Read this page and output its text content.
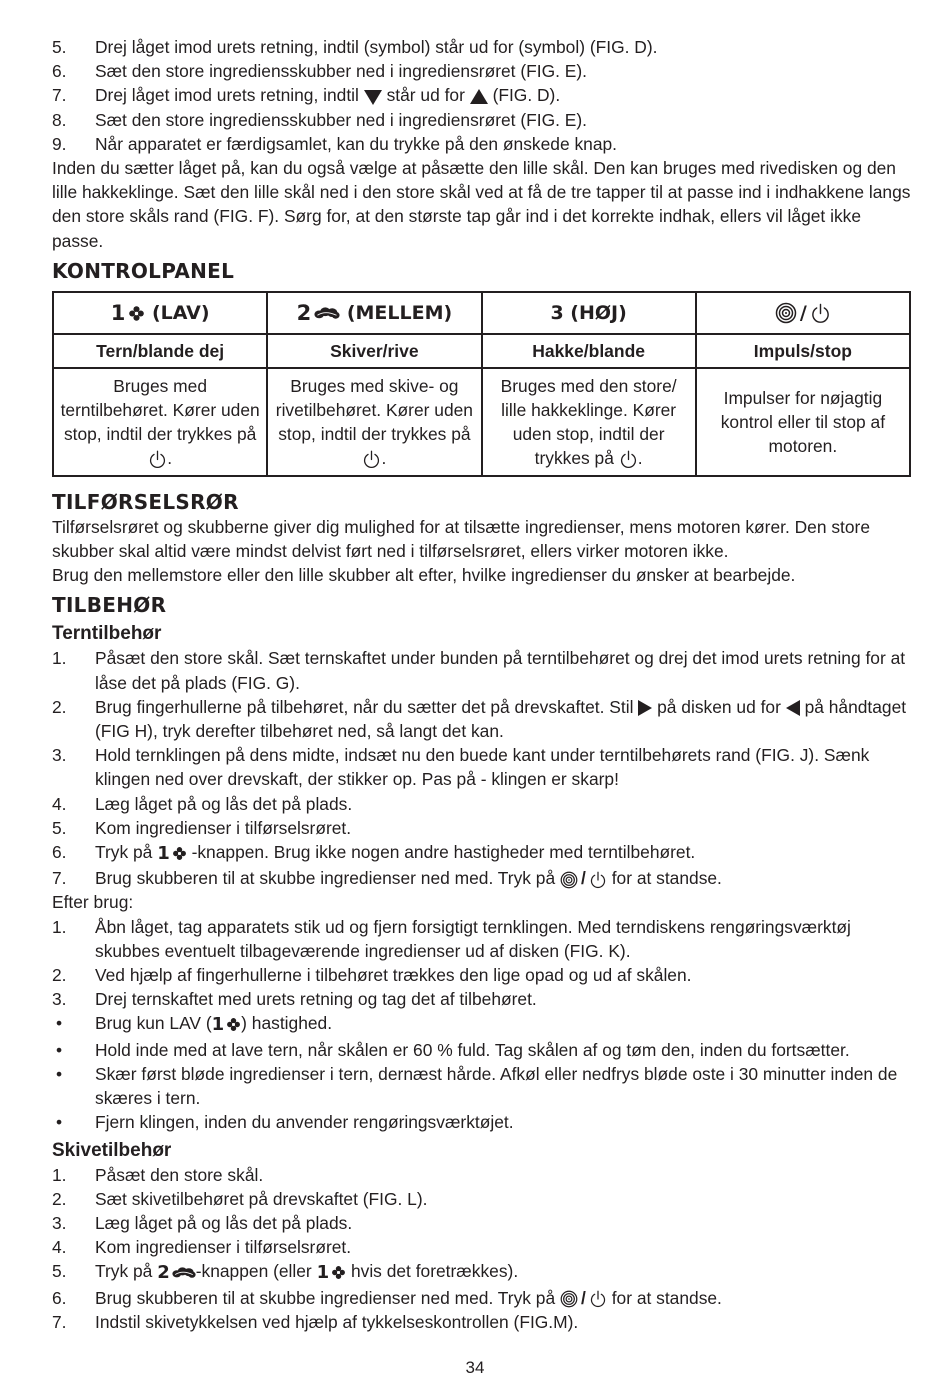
5.	Drej låget imod urets retning, indtil (symbol) står ud for (symbol) (FIG. D).
6.	Sæt den store ingrediensskubber ned i ingrediensrøret (FIG. E).
7.	Drej låget imod urets retning, indtil står ud for (FIG. D).
8.	Sæt den store ingrediensskubber ned i ingrediensrøret (FIG. E).
9.	Når apparatet er færdigsamlet, kan du trykke på den ønskede knap.

Inden du sætter låget på, kan du også vælge at påsætte den lille skål. Den kan bruges med rivedisken og den lille hakkeklinge. Sæt den lille skål ned i den store skål ved at få de tre tapper til at passe ind i indhakkene langs den store skåls rand (FIG. F). Sørg for, at den største tap går ind i det korrekte indhak, ellers vil låget ikke passe.

KONTROLPANEL
1 (LAV)	2 (MELLEM)	3 (HØJ)	/
Tern/blande dej	Skiver/rive	Hakke/blande	Impuls/stop
Bruges med terntilbehøret. Kører uden stop, indtil der trykkes på .	Bruges med skive- og rivetilbehøret. Kører uden stop, indtil der trykkes på .	Bruges med den store/ lille hakkeklinge. Kører uden stop, indtil der trykkes på .	Impulser for nøjagtig kontrol eller til stop af motoren.
TILFØRSELSRØR

Tilførselsrøret og skubberne giver dig mulighed for at tilsætte ingredienser, mens motoren kører. Den store skubber skal altid være mindst delvist ført ned i tilførselsrøret, ellers virker motoren ikke.

Brug den mellemstore eller den lille skubber alt efter, hvilke ingredienser du ønsker at bearbejde.

TILBEHØR
Terntilbehør
1.	Påsæt den store skål. Sæt ternskaftet under bunden på terntilbehøret og drej det imod urets retning for at låse det på plads (FIG. G).
2.	Brug fingerhullerne på tilbehøret, når du sætter det på drevskaftet. Stil på disken ud for på håndtaget (FIG H), tryk derefter tilbehøret ned, så langt det kan.
3.	Hold ternklingen på dens midte, indsæt nu den buede kant under terntilbehørets rand (FIG. J). Sænk klingen ned over drevskaft, der stikker op. Pas på - klingen er skarp!
4.	Læg låget på og lås det på plads.
5.	Kom ingredienser i tilførselsrøret.
6.	Tryk på 1 -knappen. Brug ikke nogen andre hastigheder med terntilbehøret.
7.	Brug skubberen til at skubbe ingredienser ned med. Tryk på / for at standse.

Efter brug:

1.	Åbn låget, tag apparatets stik ud og fjern forsigtigt ternklingen. Med terndiskens rengøringsværktøj skubbes eventuelt tilbageværende ingredienser ud af disken (FIG. K).
2.	Ved hjælp af fingerhullerne i tilbehøret trækkes den lige opad og ud af skålen.
3.	Drej ternskaftet med urets retning og tag det af tilbehøret.
•	Brug kun LAV (1 ) hastighed.
•	Hold inde med at lave tern, når skålen er 60 % fuld. Tag skålen af og tøm den, inden du fortsætter.
•	Skær først bløde ingredienser i tern, dernæst hårde. Afkøl eller nedfrys bløde oste i 30 minutter inden de skæres i tern.
•	Fjern klingen, inden du anvender rengøringsværktøjet.
Skivetilbehør
1.	Påsæt den store skål.
2.	Sæt skivetilbehøret på drevskaftet (FIG. L).
3.	Læg låget på og lås det på plads.
4.	Kom ingredienser i tilførselsrøret.
5.	Tryk på 2 -knappen (eller 1 hvis det foretrækkes).
6.	Brug skubberen til at skubbe ingredienser ned med. Tryk på / for at standse.
7.	Indstil skivetykkelsen ved hjælp af tykkelseskontrollen (FIG.M).
34
